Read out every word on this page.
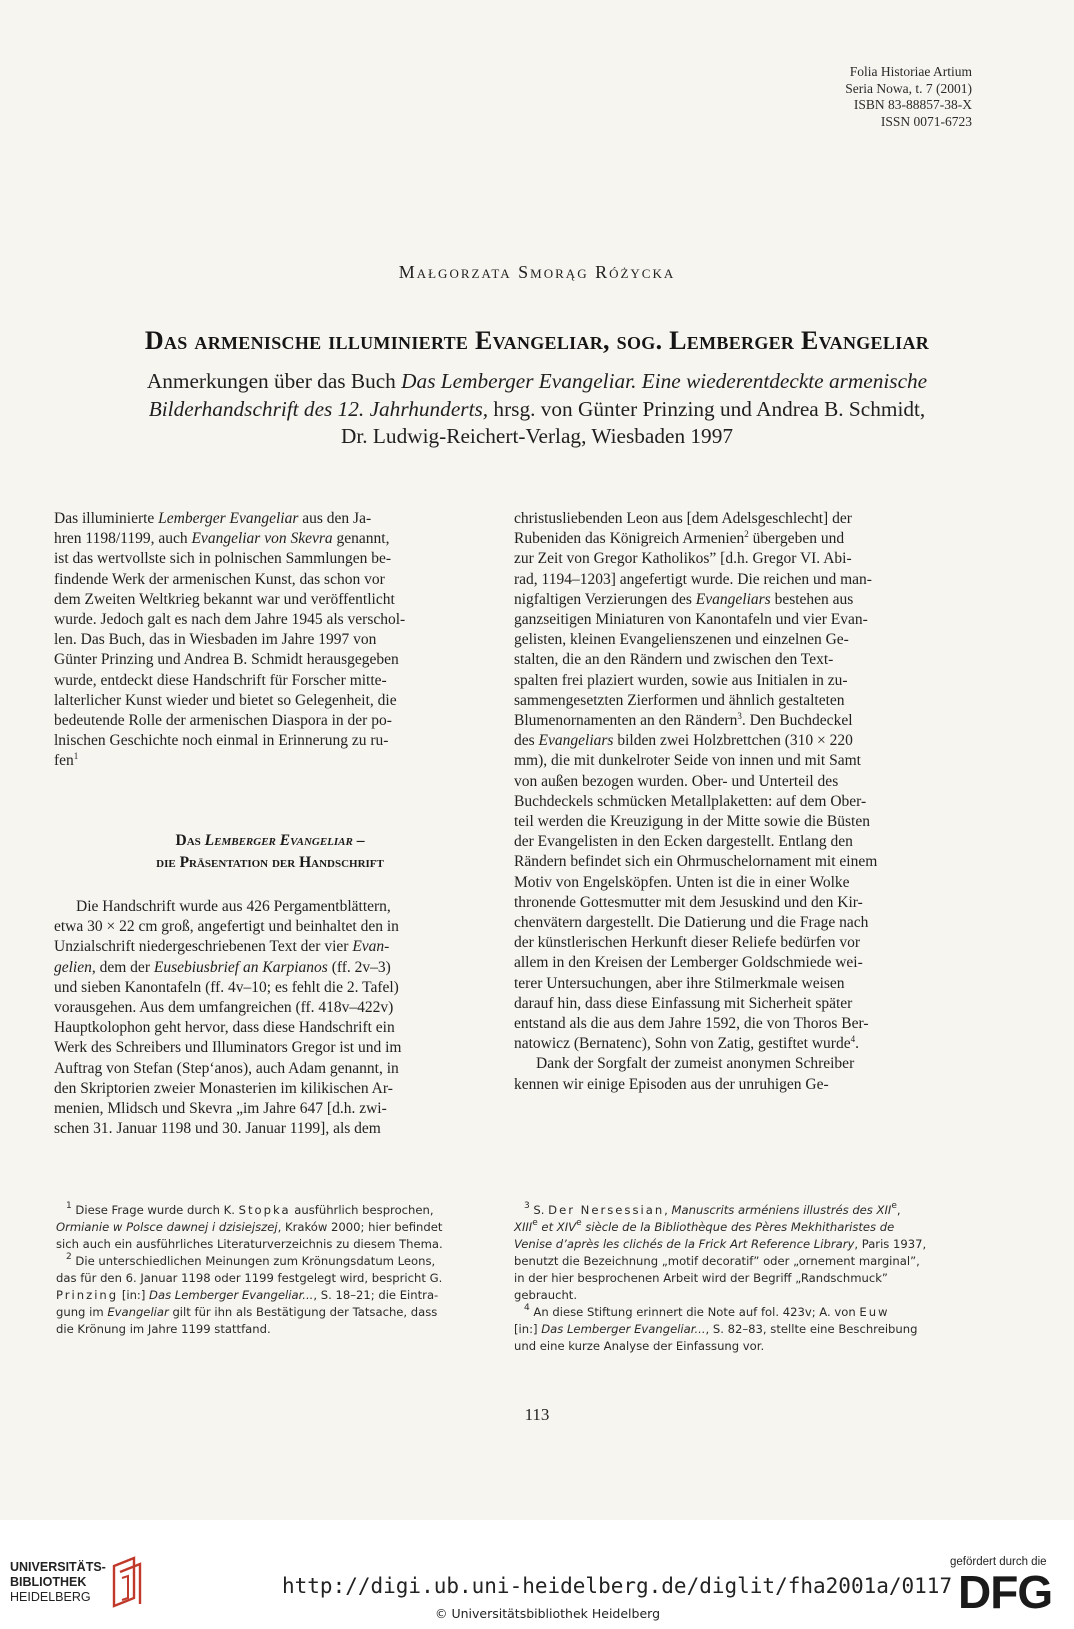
Folia Historiae Artium
Seria Nowa, t. 7 (2001)
ISBN 83-88857-38-X
ISSN 0071-6723
Małgorzata Smorąg Różycka
Das armenische illuminierte Evangeliar, sog. Lemberger Evangeliar
Anmerkungen über das Buch Das Lemberger Evangeliar. Eine wiederentdeckte armenische
Bilderhandschrift des 12. Jahrhunderts, hrsg. von Günter Prinzing und Andrea B. Schmidt,
Dr. Ludwig-Reichert-Verlag, Wiesbaden 1997
Das illuminierte Lemberger Evangeliar aus den Ja-
hren 1198/1199, auch Evangeliar von Skevra genannt,
ist das wertvollste sich in polnischen Sammlungen be-
findende Werk der armenischen Kunst, das schon vor
dem Zweiten Weltkrieg bekannt war und veröffentlicht
wurde. Jedoch galt es nach dem Jahre 1945 als verschol-
len. Das Buch, das in Wiesbaden im Jahre 1997 von
Günter Prinzing und Andrea B. Schmidt herausgegeben
wurde, entdeckt diese Handschrift für Forscher mitte-
lalterlicher Kunst wieder und bietet so Gelegenheit, die
bedeutende Rolle der armenischen Diaspora in der po-
lnischen Geschichte noch einmal in Erinnerung zu ru-
fen$^1$
Das Lemberger Evangeliar –
die Präsentation der Handschrift
Die Handschrift wurde aus 426 Pergamentblättern,
etwa 30 × 22 cm groß, angefertigt und beinhaltet den in
Unzialschrift niedergeschriebenen Text der vier Evan-
gelien, dem der Eusebiusbrief an Karpianos (ff. 2v–3)
und sieben Kanontafeln (ff. 4v–10; es fehlt die 2. Tafel)
vorausgehen. Aus dem umfangreichen (ff. 418v–422v)
Hauptkolophon geht hervor, dass diese Handschrift ein
Werk des Schreibers und Illuminators Gregor ist und im
Auftrag von Stefan (Step‘anos), auch Adam genannt, in
den Skriptorien zweier Monasterien im kilikischen Ar-
menien, Mlidsch und Skevra „im Jahre 647 [d.h. zwi-
schen 31. Januar 1198 und 30. Januar 1199], als dem
christusliebenden Leon aus [dem Adelsgeschlecht] der
Rubeniden das Königreich Armenien$^2$ übergeben und
zur Zeit von Gregor Katholikos” [d.h. Gregor VI. Abi-
rad, 1194–1203] angefertigt wurde. Die reichen und man-
nigfaltigen Verzierungen des Evangeliars bestehen aus
ganzseitigen Miniaturen von Kanontafeln und vier Evan-
gelisten, kleinen Evangelienszenen und einzelnen Ge-
stalten, die an den Rändern und zwischen den Text-
spalten frei plaziert wurden, sowie aus Initialen in zu-
sammengesetzten Zierformen und ähnlich gestalteten
Blumenornamenten an den Rändern$^3$. Den Buchdeckel
des Evangeliars bilden zwei Holzbrettchen (310 × 220
mm), die mit dunkelroter Seide von innen und mit Samt
von außen bezogen wurden. Ober- und Unterteil des
Buchdeckels schmücken Metallplaketten: auf dem Ober-
teil werden die Kreuzigung in der Mitte sowie die Büsten
der Evangelisten in den Ecken dargestellt. Entlang den
Rändern befindet sich ein Ohrmuschelornament mit einem
Motiv von Engelsköpfen. Unten ist die in einer Wolke
thronende Gottesmutter mit dem Jesuskind und den Kir-
chenvätern dargestellt. Die Datierung und die Frage nach
der künstlerischen Herkunft dieser Reliefe bedürfen vor
allem in den Kreisen der Lemberger Goldschmiede wei-
terer Untersuchungen, aber ihre Stilmerkmale weisen
darauf hin, dass diese Einfassung mit Sicherheit später
entstand als die aus dem Jahre 1592, die von Thoros Ber-
natowicz (Bernatenc), Sohn von Zatig, gestiftet wurde$^4$.
Dank der Sorgfalt der zumeist anonymen Schreiber
kennen wir einige Episoden aus der unruhigen Ge-
$^1$ Diese Frage wurde durch K. Stopka ausführlich besprochen,
Ormianie w Polsce dawnej i dzisiejszej, Kraków 2000; hier befindet
sich auch ein ausführliches Literaturverzeichnis zu diesem Thema.
$^2$ Die unterschiedlichen Meinungen zum Krönungsdatum Leons,
das für den 6. Januar 1198 oder 1199 festgelegt wird, bespricht G.
Prinzing [in:] Das Lemberger Evangeliar..., S. 18–21; die Eintra-
gung im Evangeliar gilt für ihn als Bestätigung der Tatsache, dass
die Krönung im Jahre 1199 stattfand.
$^3$ S. Der Nersessian, Manuscrits arméniens illustrés des XIIe,
XIIIe et XIVe siècle de la Bibliothèque des Pères Mekhitharistes de
Venise d’après les clichés de la Frick Art Reference Library, Paris 1937,
benutzt die Bezeichnung „motif decoratif” oder „ornement marginal”,
in der hier besprochenen Arbeit wird der Begriff „Randschmuck”
gebraucht.
$^4$ An diese Stiftung erinnert die Note auf fol. 423v; A. von Euw
[in:] Das Lemberger Evangeliar..., S. 82–83, stellte eine Beschreibung
und eine kurze Analyse der Einfassung vor.
113
UNIVERSITÄTS-
BIBLIOTHEK
HEIDELBERG	http://digi.ub.uni-heidelberg.de/diglit/fha2001a/0117
© Universitätsbibliothek Heidelberg
gefördert durch die
DFG
